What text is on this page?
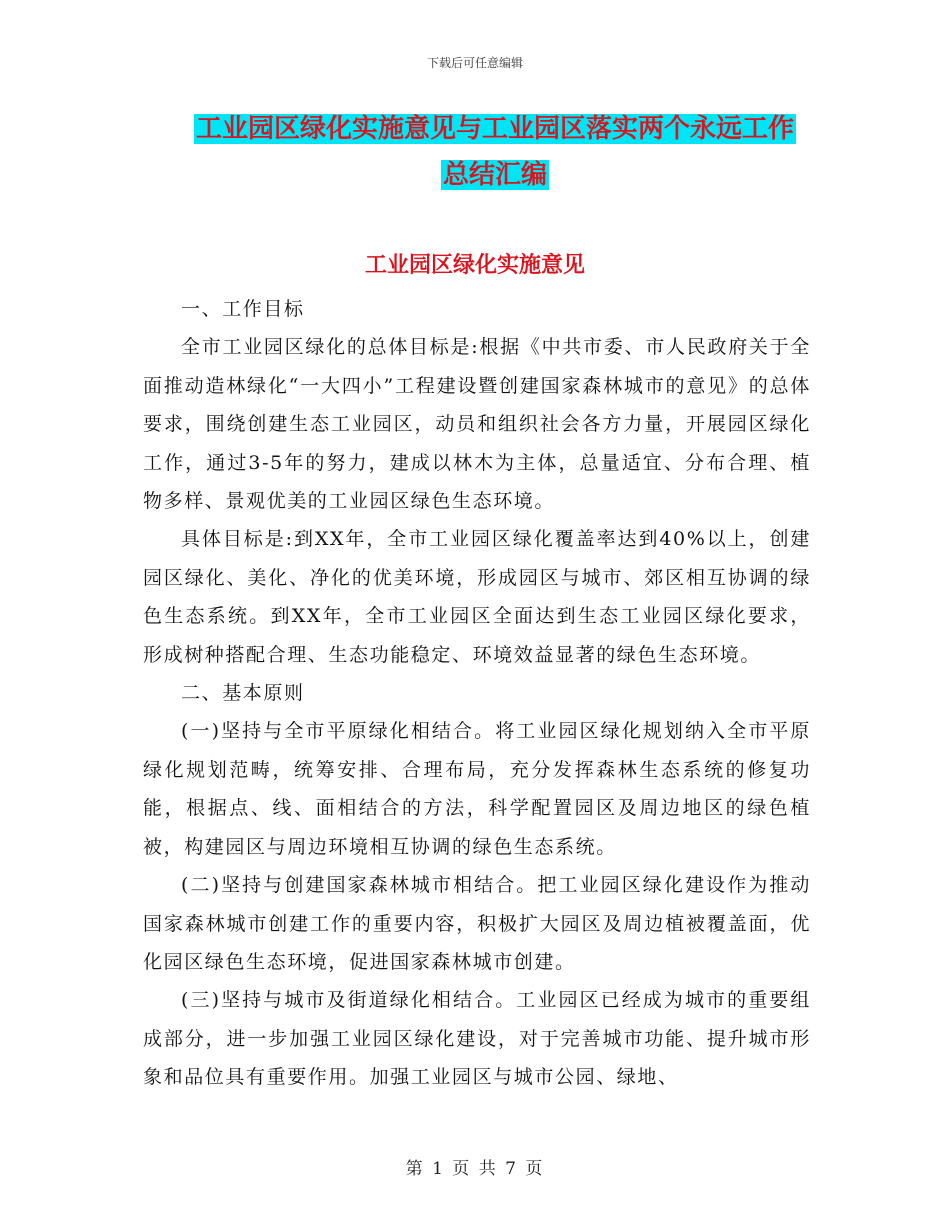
下载后可任意编辑
工业园区绿化实施意见与工业园区落实两个永远工作
总结汇编
工业园区绿化实施意见

一、工作目标

全市工业园区绿化的总体目标是:根据《中共市委、市人民政府关于全面推动造林绿化“一大四小”工程建设暨创建国家森林城市的意见》的总体要求，围绕创建生态工业园区，动员和组织社会各方力量，开展园区绿化工作，通过3-5年的努力，建成以林木为主体，总量适宜、分布合理、植物多样、景观优美的工业园区绿色生态环境。

具体目标是:到XX年，全市工业园区绿化覆盖率达到40%以上，创建园区绿化、美化、净化的优美环境，形成园区与城市、郊区相互协调的绿色生态系统。到XX年，全市工业园区全面达到生态工业园区绿化要求，形成树种搭配合理、生态功能稳定、环境效益显著的绿色生态环境。

二、基本原则

(一)坚持与全市平原绿化相结合。将工业园区绿化规划纳入全市平原绿化规划范畴，统筹安排、合理布局，充分发挥森林生态系统的修复功能，根据点、线、面相结合的方法，科学配置园区及周边地区的绿色植被，构建园区与周边环境相互协调的绿色生态系统。

(二)坚持与创建国家森林城市相结合。把工业园区绿化建设作为推动国家森林城市创建工作的重要内容，积极扩大园区及周边植被覆盖面，优化园区绿色生态环境，促进国家森林城市创建。

(三)坚持与城市及街道绿化相结合。工业园区已经成为城市的重要组成部分，进一步加强工业园区绿化建设，对于完善城市功能、提升城市形象和品位具有重要作用。加强工业园区与城市公园、绿地、

第 1 页 共 7 页
